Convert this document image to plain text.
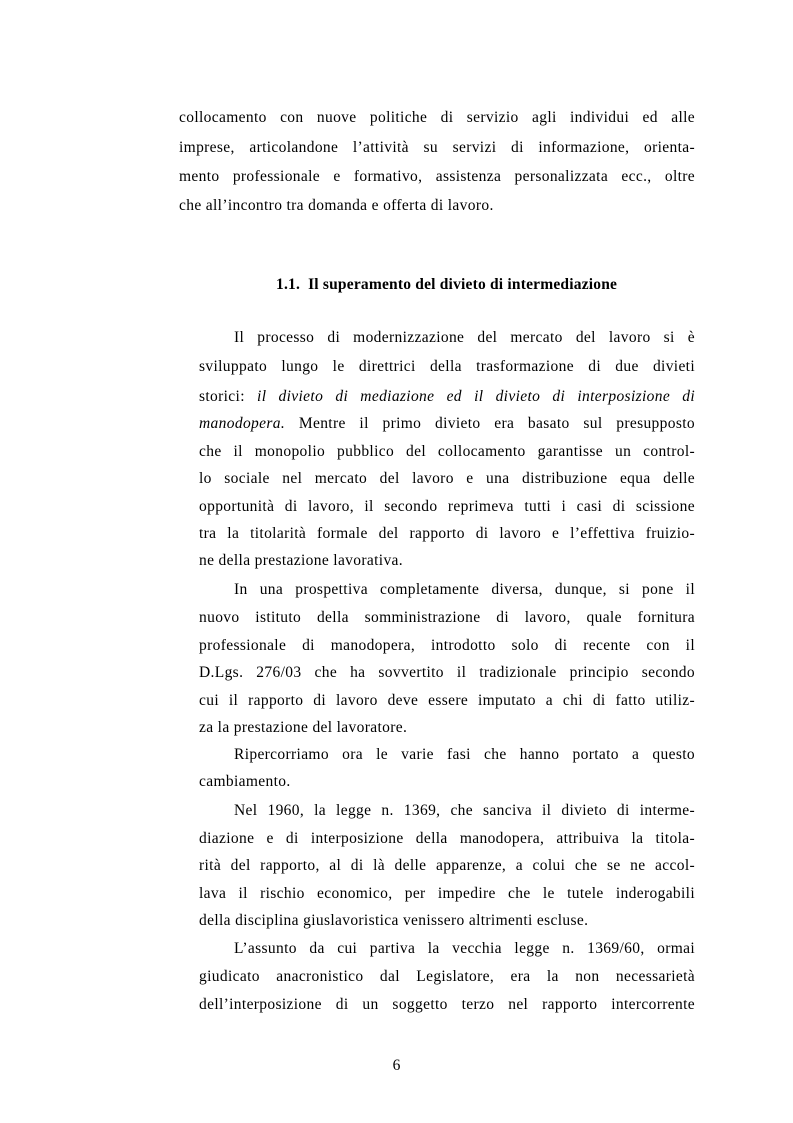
collocamento con nuove politiche di servizio agli individui ed alle
imprese, articolandone l’attività su servizi di informazione, orienta-
mento professionale e formativo, assistenza personalizzata ecc., oltre
che all’incontro tra domanda e offerta di lavoro.
1.1. Il superamento del divieto di intermediazione
Il processo di modernizzazione del mercato del lavoro si è
sviluppato lungo le direttrici della trasformazione di due divieti
storici: il divieto di mediazione ed il divieto di interposizione di
manodopera. Mentre il primo divieto era basato sul presupposto
che il monopolio pubblico del collocamento garantisse un control-
lo sociale nel mercato del lavoro e una distribuzione equa delle
opportunità di lavoro, il secondo reprimeva tutti i casi di scissione
tra la titolarità formale del rapporto di lavoro e l’effettiva fruizio-
ne della prestazione lavorativa.
In una prospettiva completamente diversa, dunque, si pone il
nuovo istituto della somministrazione di lavoro, quale fornitura
professionale di manodopera, introdotto solo di recente con il
D.Lgs. 276/03 che ha sovvertito il tradizionale principio secondo
cui il rapporto di lavoro deve essere imputato a chi di fatto utiliz-
za la prestazione del lavoratore.
Ripercorriamo ora le varie fasi che hanno portato a questo
cambiamento.
Nel 1960, la legge n. 1369, che sanciva il divieto di interme-
diazione e di interposizione della manodopera, attribuiva la titola-
rità del rapporto, al di là delle apparenze, a colui che se ne accol-
lava il rischio economico, per impedire che le tutele inderogabili
della disciplina giuslavoristica venissero altrimenti escluse.
L’assunto da cui partiva la vecchia legge n. 1369/60, ormai
giudicato anacronistico dal Legislatore, era la non necessarietà
dell’interposizione di un soggetto terzo nel rapporto intercorrente
6
